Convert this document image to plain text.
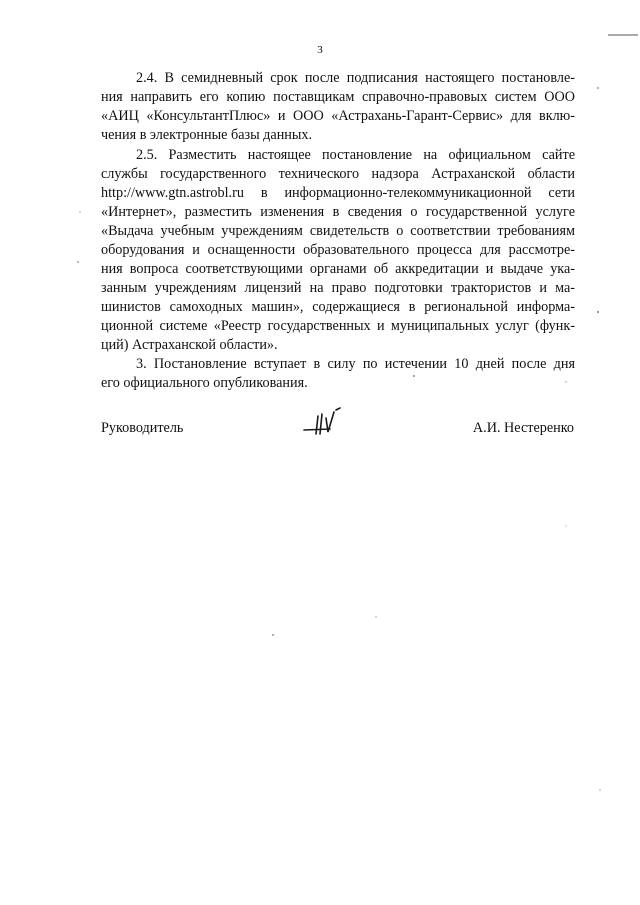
3
2.4. В семидневный срок после подписания настоящего постановле-
ния направить его копию поставщикам справочно-правовых систем ООО
«АИЦ «КонсультантПлюс» и ООО «Астрахань-Гарант-Сервис» для вклю-
чения в электронные базы данных.
2.5. Разместить настоящее постановление на официальном сайте
службы государственного технического надзора Астраханской области
http://www.gtn.astrobl.ru в информационно-телекоммуникационной сети
«Интернет», разместить изменения в сведения о государственной услуге
«Выдача учебным учреждениям свидетельств о соответствии требованиям
оборудования и оснащенности образовательного процесса для рассмотре-
ния вопроса соответствующими органами об аккредитации и выдаче ука-
занным учреждениям лицензий на право подготовки трактористов и ма-
шинистов самоходных машин», содержащиеся в региональной информа-
ционной системе «Реестр государственных и муниципальных услуг (функ-
ций) Астраханской области».
3. Постановление вступает в силу по истечении 10 дней после дня
его официального опубликования.
Руководитель	А.И. Нестеренко
